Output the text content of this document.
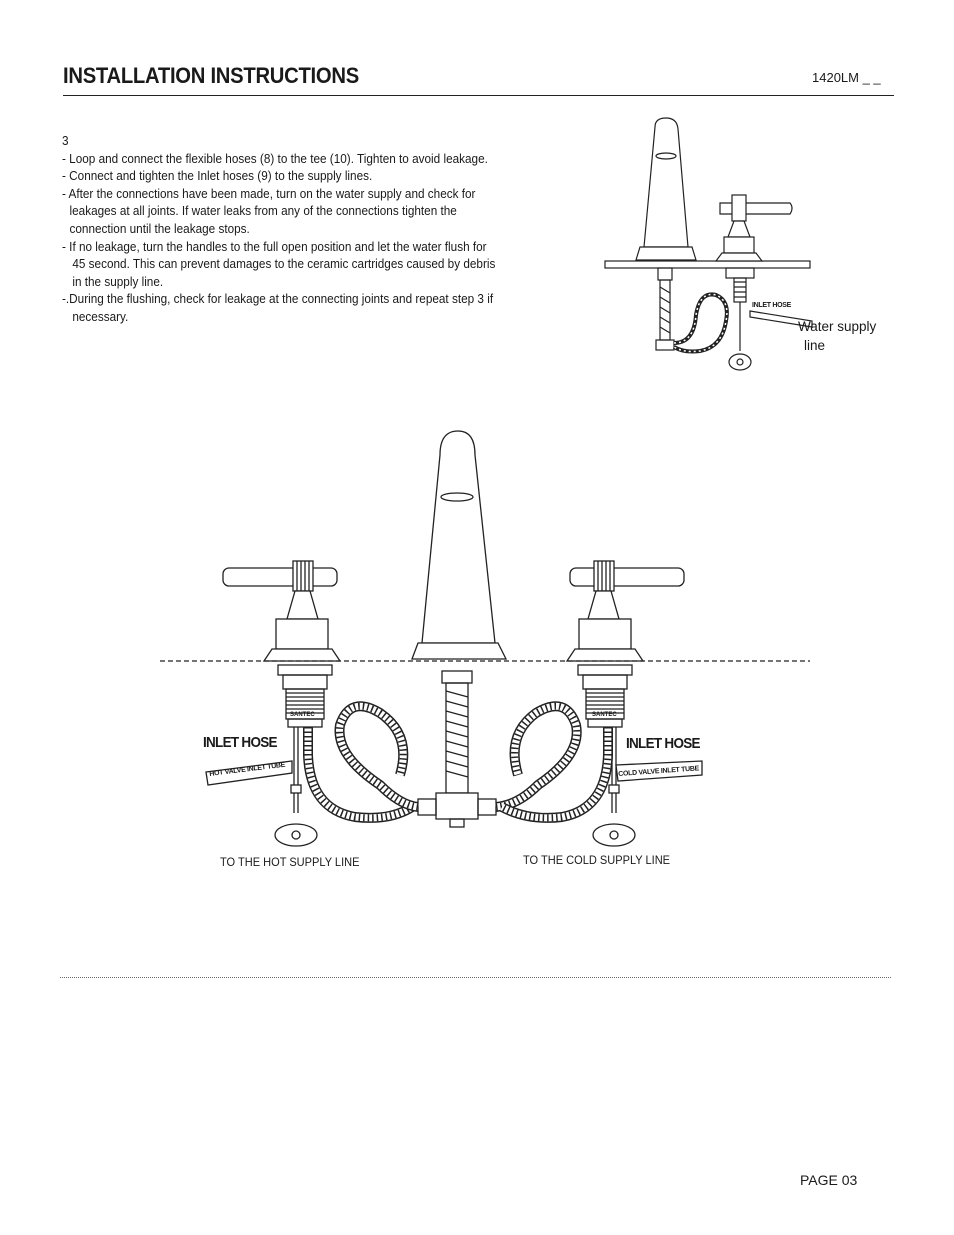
INSTALLATION INSTRUCTIONS	1420LM _ _
3
- Loop and connect the flexible hoses (8) to the tee (10). Tighten to avoid leakage.
- Connect and tighten the Inlet hoses (9) to the supply lines.
- After the connections have been made, turn on the water supply and check for
leakages at all joints. If water leaks from any of the connections tighten the
connection until the leakage stops.
- If no leakage, turn the handles to the full open position and let the water flush for
45 second. This can prevent damages to the ceramic cartridges caused by debris
in the supply line.
-.During the flushing, check for leakage at the connecting joints and repeat step 3 if
necessary.
INLET HOSE
Water supply
line
SANTEC	SANTEC
INLET HOSE	INLET HOSE
HOT VALVE INLET TUBE	COLD VALVE INLET TUBE
TO THE HOT SUPPLY LINE	TO THE COLD SUPPLY LINE
PAGE 03
